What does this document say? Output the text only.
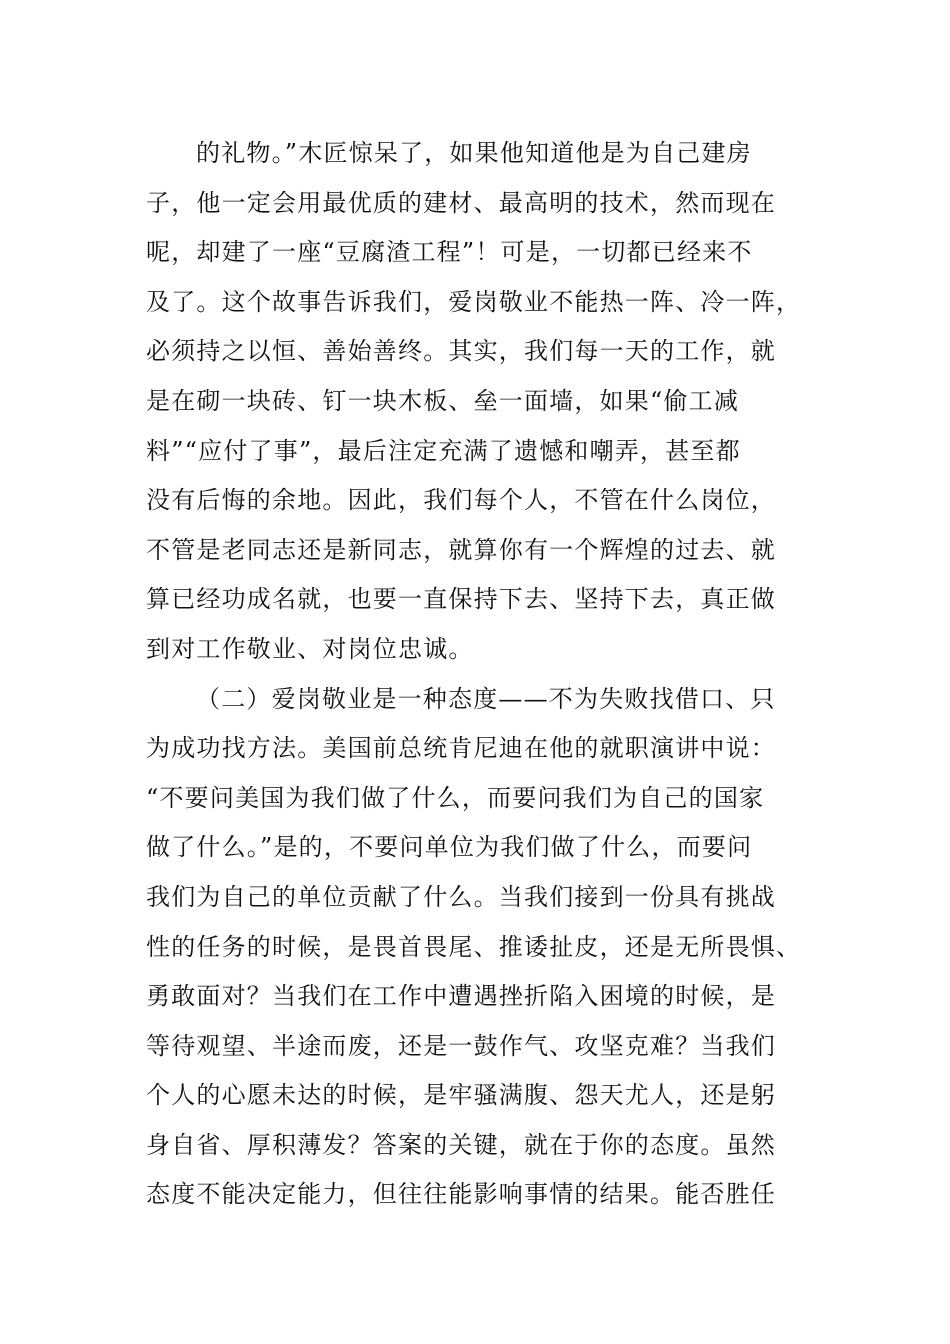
的礼物。”木匠惊呆了，如果他知道他是为自己建房
子，他一定会用最优质的建材、最高明的技术，然而现在
呢，却建了一座“豆腐渣工程”！可是，一切都已经来不
及了。这个故事告诉我们，爱岗敬业不能热一阵、冷一阵，
必须持之以恒、善始善终。其实，我们每一天的工作，就
是在砌一块砖、钉一块木板、垒一面墙，如果“偷工减
料”“应付了事”，最后注定充满了遗憾和嘲弄，甚至都
没有后悔的余地。因此，我们每个人，不管在什么岗位，
不管是老同志还是新同志，就算你有一个辉煌的过去、就
算已经功成名就，也要一直保持下去、坚持下去，真正做
到对工作敬业、对岗位忠诚。
（二）爱岗敬业是一种态度——不为失败找借口、只
为成功找方法。美国前总统肯尼迪在他的就职演讲中说：
“不要问美国为我们做了什么，而要问我们为自己的国家
做了什么。”是的，不要问单位为我们做了什么，而要问
我们为自己的单位贡献了什么。当我们接到一份具有挑战
性的任务的时候，是畏首畏尾、推诿扯皮，还是无所畏惧、
勇敢面对？当我们在工作中遭遇挫折陷入困境的时候，是
等待观望、半途而废，还是一鼓作气、攻坚克难？当我们
个人的心愿未达的时候，是牢骚满腹、怨天尤人，还是躬
身自省、厚积薄发？答案的关键，就在于你的态度。虽然
态度不能决定能力，但往往能影响事情的结果。能否胜任
